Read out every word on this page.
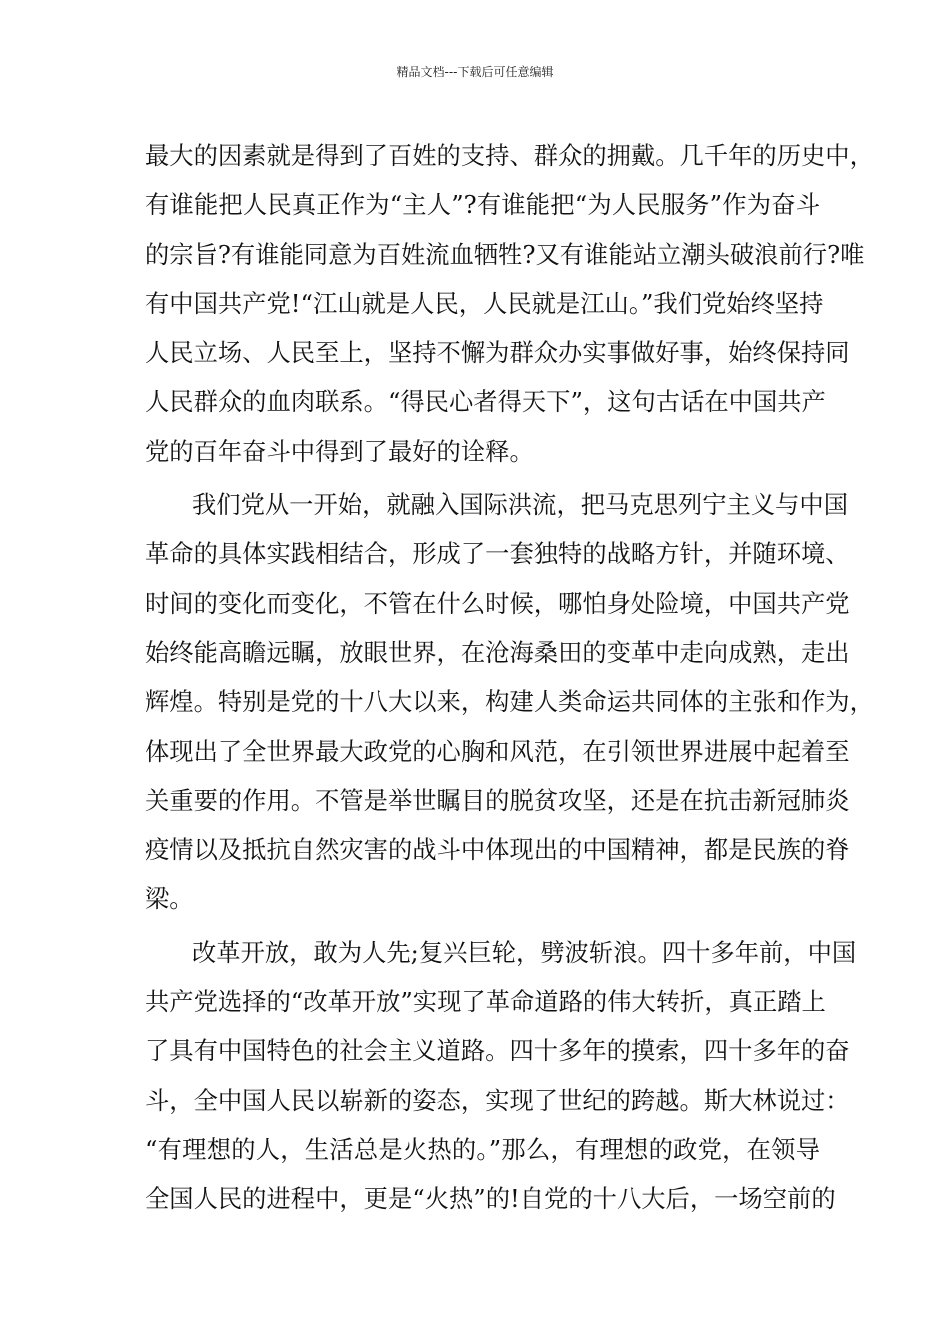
精品文档---下载后可任意编辑
最大的因素就是得到了百姓的支持、群众的拥戴。几千年的历史中，
有谁能把人民真正作为“主人”?有谁能把“为人民服务”作为奋斗
的宗旨?有谁能同意为百姓流血牺牲?又有谁能站立潮头破浪前行?唯
有中国共产党!“江山就是人民，人民就是江山。”我们党始终坚持
人民立场、人民至上，坚持不懈为群众办实事做好事，始终保持同
人民群众的血肉联系。“得民心者得天下”，这句古话在中国共产
党的百年奋斗中得到了最好的诠释。
我们党从一开始，就融入国际洪流，把马克思列宁主义与中国
革命的具体实践相结合，形成了一套独特的战略方针，并随环境、
时间的变化而变化，不管在什么时候，哪怕身处险境，中国共产党
始终能高瞻远瞩，放眼世界，在沧海桑田的变革中走向成熟，走出
辉煌。特别是党的十八大以来，构建人类命运共同体的主张和作为，
体现出了全世界最大政党的心胸和风范，在引领世界进展中起着至
关重要的作用。不管是举世瞩目的脱贫攻坚，还是在抗击新冠肺炎
疫情以及抵抗自然灾害的战斗中体现出的中国精神，都是民族的脊
梁。
改革开放，敢为人先;复兴巨轮，劈波斩浪。四十多年前，中国
共产党选择的“改革开放”实现了革命道路的伟大转折，真正踏上
了具有中国特色的社会主义道路。四十多年的摸索，四十多年的奋
斗，全中国人民以崭新的姿态，实现了世纪的跨越。斯大林说过：
“有理想的人，生活总是火热的。”那么，有理想的政党，在领导
全国人民的进程中，更是“火热”的!自党的十八大后，一场空前的
